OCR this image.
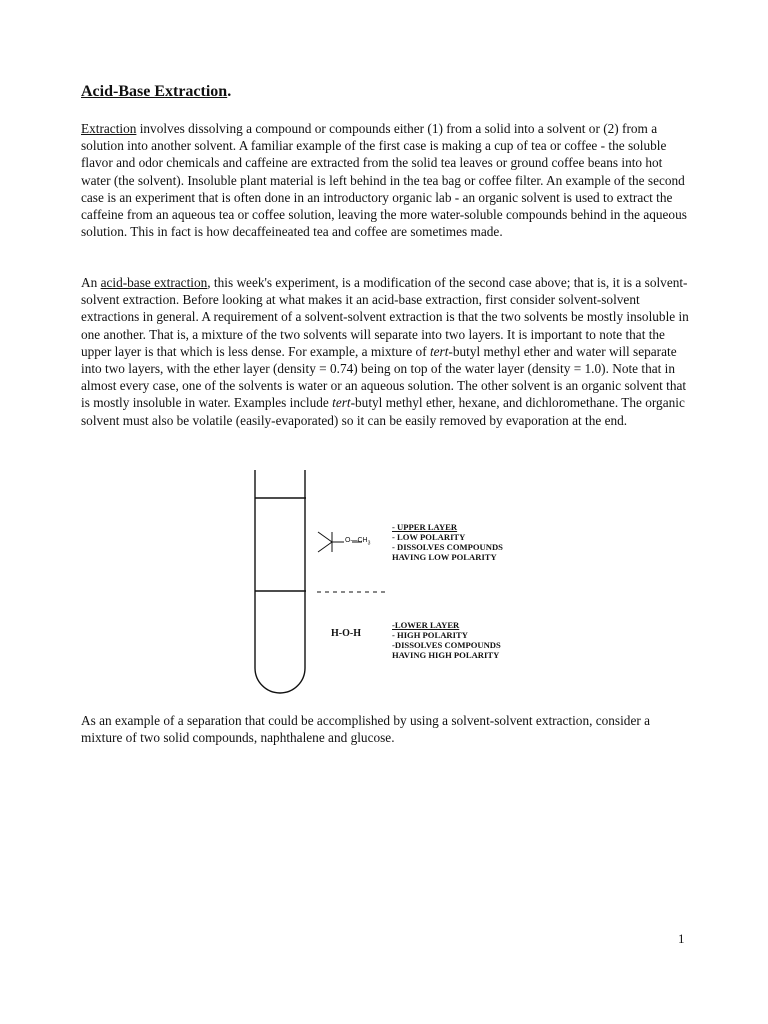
Acid-Base Extraction.

Extraction involves dissolving a compound or compounds either (1) from a solid into a solvent or (2) from a solution into another solvent. A familiar example of the first case is making a cup of tea or coffee - the soluble flavor and odor chemicals and caffeine are extracted from the solid tea leaves or ground coffee beans into hot water (the solvent). Insoluble plant material is left behind in the tea bag or coffee filter. An example of the second case is an experiment that is often done in an introductory organic lab - an organic solvent is used to extract the caffeine from an aqueous tea or coffee solution, leaving the more water-soluble compounds behind in the aqueous solution. This in fact is how decaffeineated tea and coffee are sometimes made.

An acid-base extraction, this week's experiment, is a modification of the second case above; that is, it is a solvent-solvent extraction. Before looking at what makes it an acid-base extraction, first consider solvent-solvent extractions in general. A requirement of a solvent-solvent extraction is that the two solvents be mostly insoluble in one another. That is, a mixture of the two solvents will separate into two layers. It is important to note that the upper layer is that which is less dense. For example, a mixture of tert-butyl methyl ether and water will separate into two layers, with the ether layer (density = 0.74) being on top of the water layer (density = 1.0). Note that in almost every case, one of the solvents is water or an aqueous solution. The other solvent is an organic solvent that is mostly insoluble in water. Examples include tert-butyl methyl ether, hexane, and dichloromethane. The organic solvent must also be volatile (easily-evaporated) so it can be easily removed by evaporation at the end.

$O—CH_3$
H-O-H
- UPPER LAYER
- LOW POLARITY
- DISSOLVES COMPOUNDS
HAVING LOW POLARITY
-LOWER LAYER
- HIGH POLARITY
-DISSOLVES COMPOUNDS
HAVING HIGH POLARITY

As an example of a separation that could be accomplished by using a solvent-solvent extraction, consider a mixture of two solid compounds, naphthalene and glucose.

1
